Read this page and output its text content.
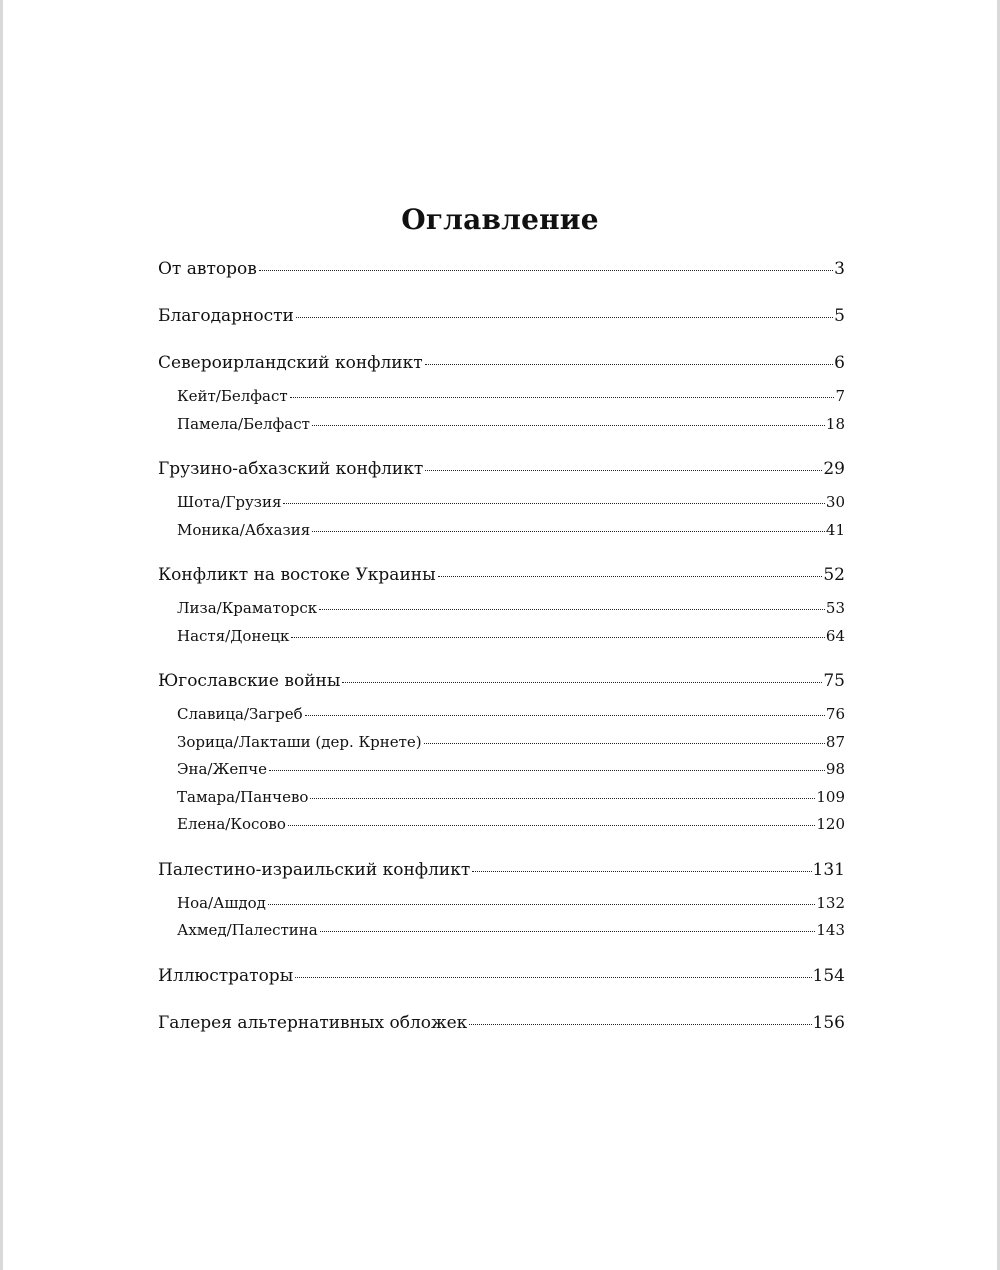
Оглавление
От авторов	3
Благодарности	5
Североирландский конфликт	6
Кейт/Белфаст	7
Памела/Белфаст	18
Грузино-абхазский конфликт	29
Шота/Грузия	30
Моника/Абхазия	41
Конфликт на востоке Украины	52
Лиза/Краматорск	53
Настя/Донецк	64
Югославские войны	75
Славица/Загреб	76
Зорица/Лакташи (дер. Крнете)	87
Эна/Жепче	98
Тамара/Панчево	109
Елена/Косово	120
Палестино-израильский конфликт	131
Ноа/Ашдод	132
Ахмед/Палестина	143
Иллюстраторы	154
Галерея альтернативных обложек	156
